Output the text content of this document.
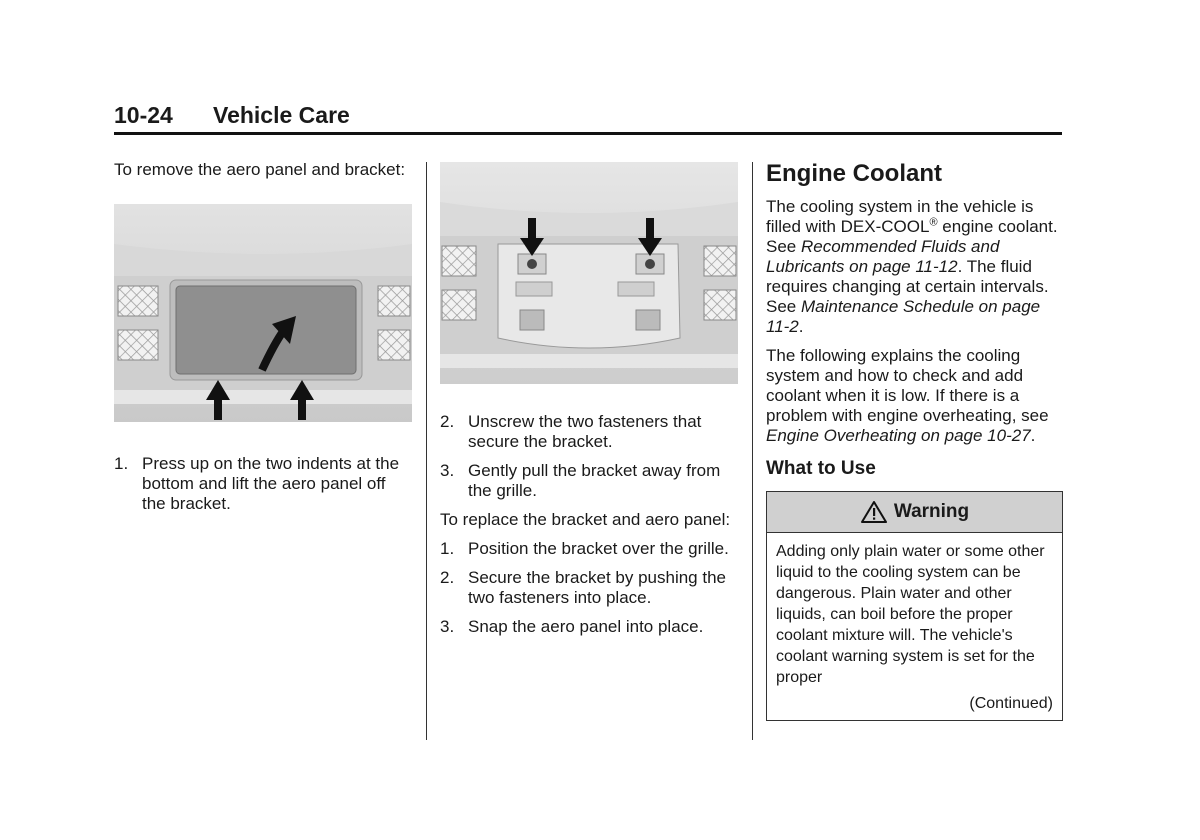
10-24 Vehicle Care

To remove the aero panel and bracket:

1. Press up on the two indents at the bottom and lift the aero panel off the bracket.
2. Unscrew the two fasteners that secure the bracket.
3. Gently pull the bracket away from the grille.

To replace the bracket and aero panel:

1. Position the bracket over the grille.
2. Secure the bracket by pushing the two fasteners into place.
3. Snap the aero panel into place.
Engine Coolant

The cooling system in the vehicle is filled with DEX-COOL® engine coolant. See Recommended Fluids and Lubricants on page 11-12. The fluid requires changing at certain intervals. See Maintenance Schedule on page 11-2.

The following explains the cooling system and how to check and add coolant when it is low. If there is a problem with engine overheating, see Engine Overheating on page 10-27.

What to Use
Warning
Adding only plain water or some other liquid to the cooling system can be dangerous. Plain water and other liquids, can boil before the proper coolant mixture will. The vehicle's coolant warning system is set for the proper
(Continued)
